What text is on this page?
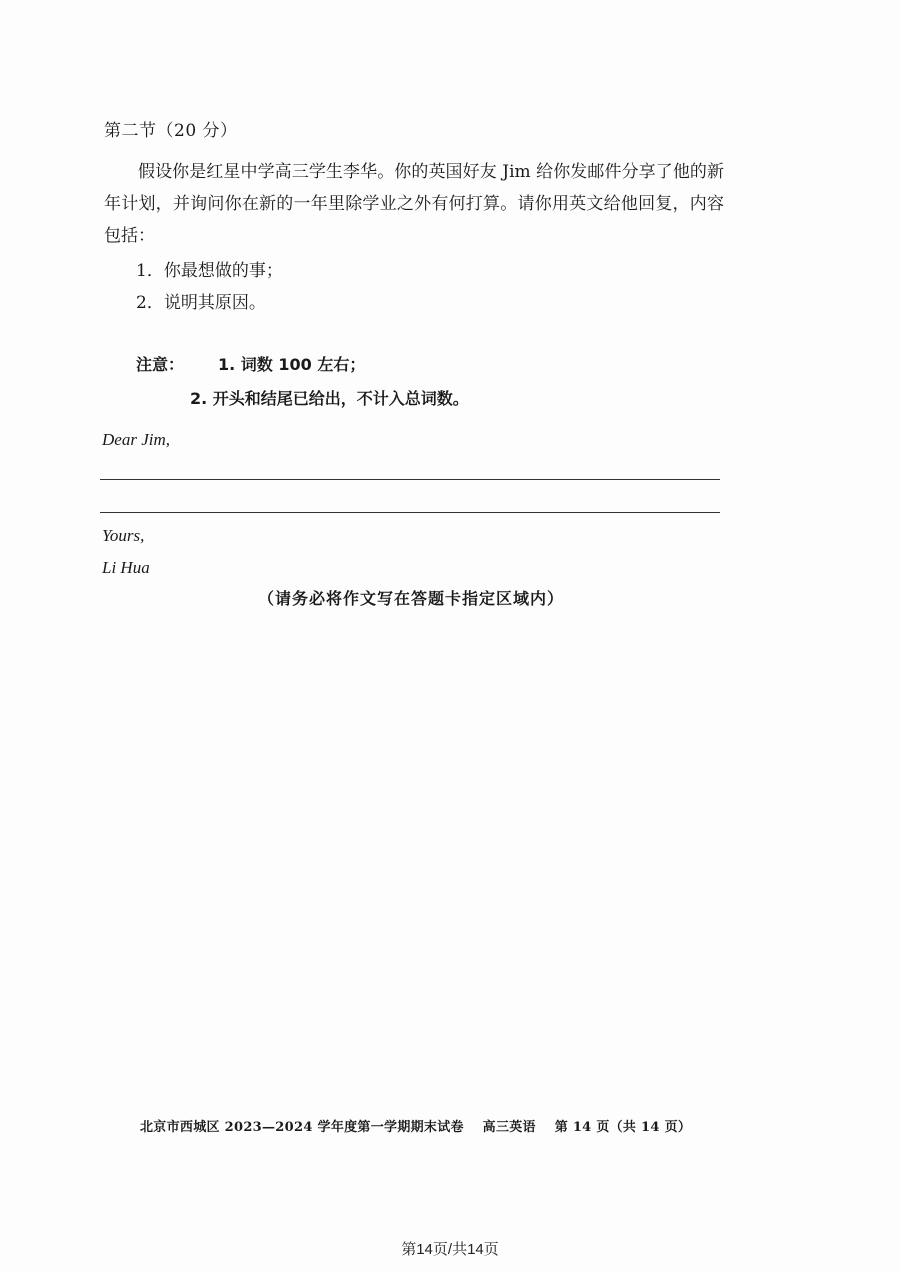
第二节（20 分）
假设你是红星中学高三学生李华。你的英国好友 Jim 给你发邮件分享了他的新年计划，并询问你在新的一年里除学业之外有何打算。请你用英文给他回复，内容包括：
1．你最想做的事；
2．说明其原因。
注意： 1. 词数 100 左右；
2. 开头和结尾已给出，不计入总词数。
Dear Jim,
Yours,
Li Hua
（请务必将作文写在答题卡指定区域内）
北京市西城区 2023—2024 学年度第一学期期末试卷 高三英语 第 14 页（共 14 页）
第14页/共14页
